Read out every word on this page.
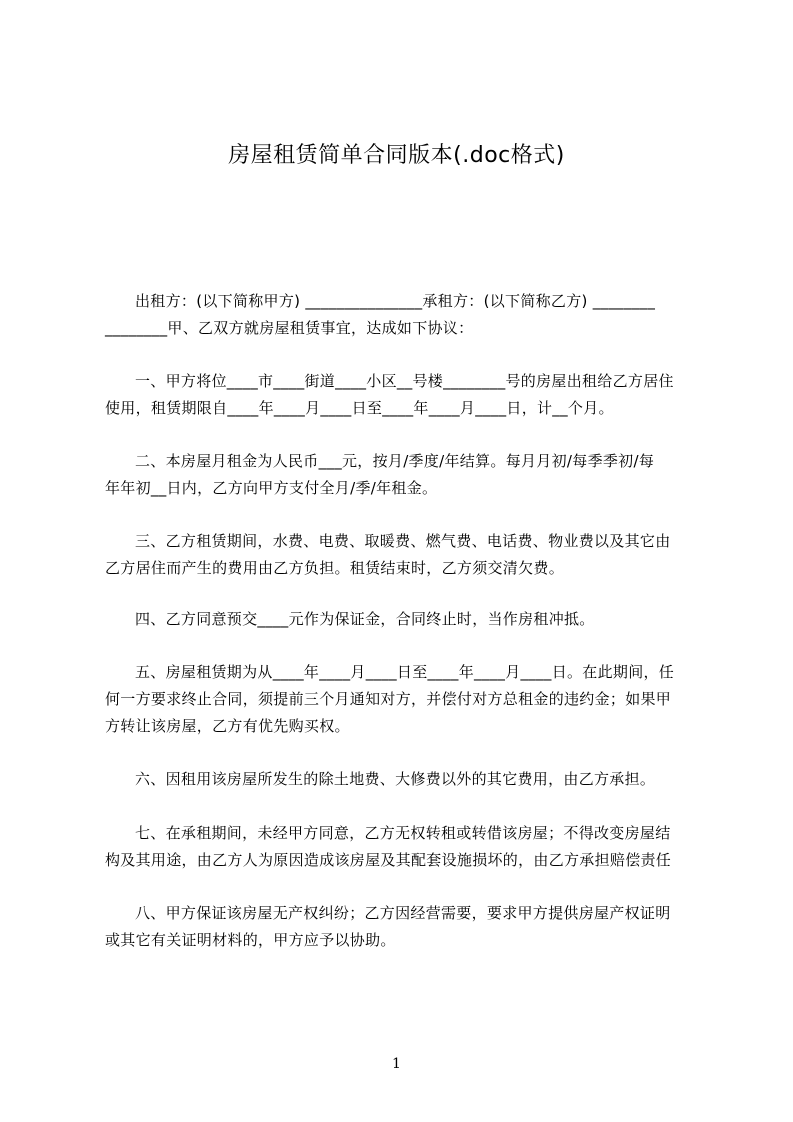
房屋租赁简单合同版本(.doc格式)

出租方：(以下简称甲方) _______________承租方：(以下简称乙方) ________
________甲、乙双方就房屋租赁事宜，达成如下协议：

一、甲方将位____市____街道____小区__号楼________号的房屋出租给乙方居住
使用，租赁期限自____年____月____日至____年____月____日，计__个月。

二、本房屋月租金为人民币___元，按月/季度/年结算。每月月初/每季季初/每
年年初__日内，乙方向甲方支付全月/季/年租金。

三、乙方租赁期间，水费、电费、取暖费、燃气费、电话费、物业费以及其它由
乙方居住而产生的费用由乙方负担。租赁结束时，乙方须交清欠费。

四、乙方同意预交____元作为保证金，合同终止时，当作房租冲抵。

五、房屋租赁期为从____年____月____日至____年____月____日。在此期间，任
何一方要求终止合同，须提前三个月通知对方，并偿付对方总租金的违约金；如果甲
方转让该房屋，乙方有优先购买权。

六、因租用该房屋所发生的除土地费、大修费以外的其它费用，由乙方承担。

七、在承租期间，未经甲方同意，乙方无权转租或转借该房屋；不得改变房屋结
构及其用途，由乙方人为原因造成该房屋及其配套设施损坏的，由乙方承担赔偿责任

八、甲方保证该房屋无产权纠纷；乙方因经营需要，要求甲方提供房屋产权证明
或其它有关证明材料的，甲方应予以协助。

1
